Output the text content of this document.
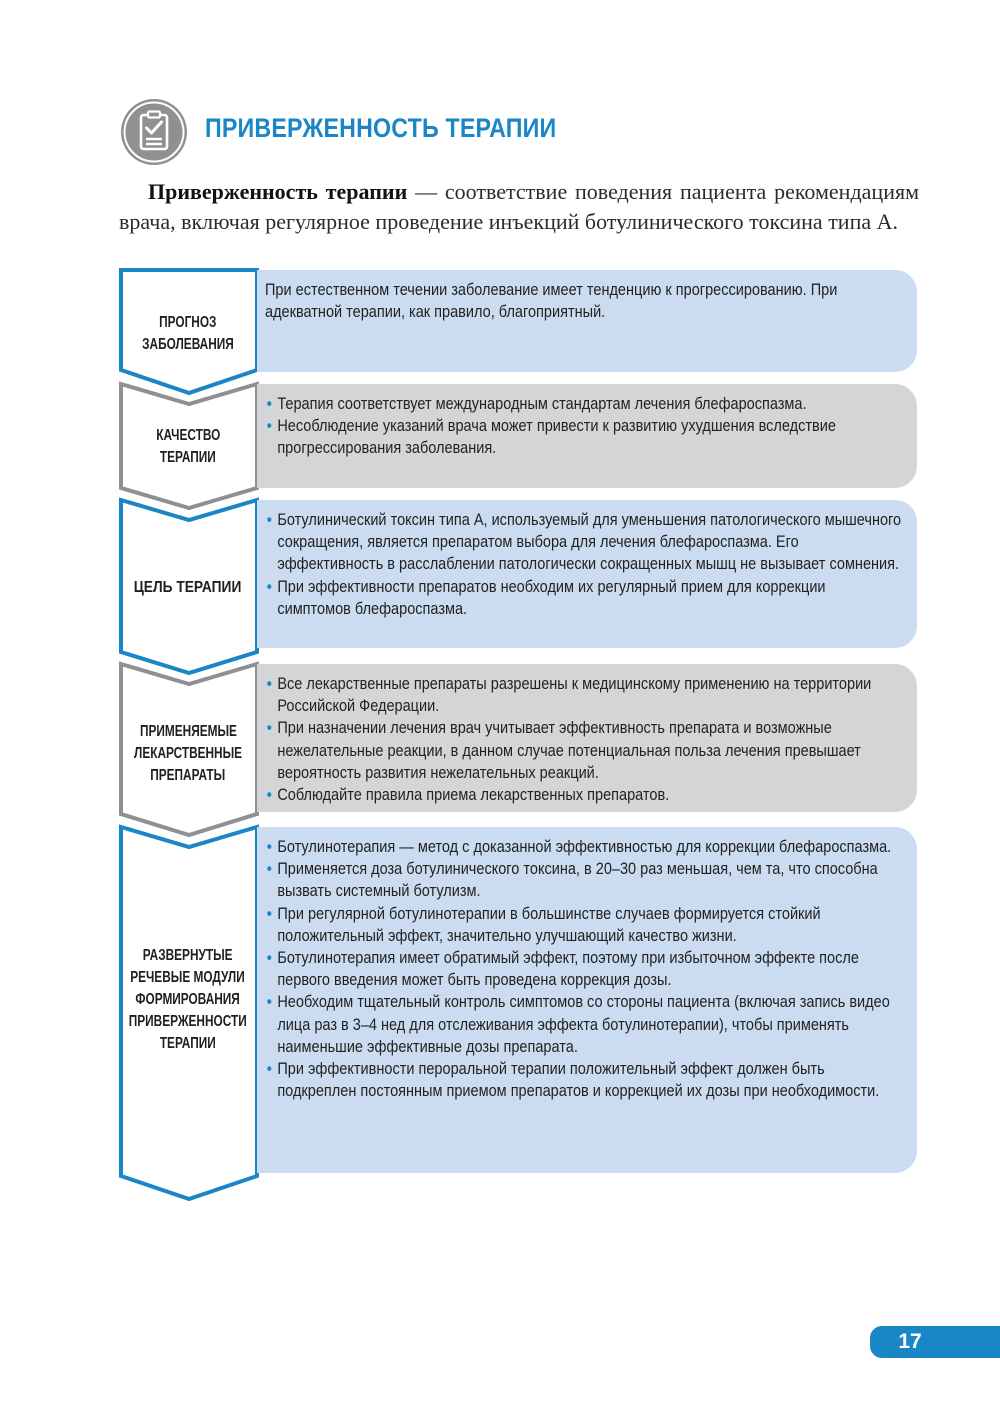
ПРИВЕРЖЕННОСТЬ ТЕРАПИИ

Приверженность терапии — соответствие поведения пациента рекомендациям врача, включая регулярное проведение инъекций ботулинического токсина типа А.

ПРОГНОЗ
ЗАБОЛЕВАНИЯ

При естественном течении заболевание имеет тенденцию к прогрессированию. При адекватной терапии, как правило, благоприятный.

КАЧЕСТВО
ТЕРАПИИ
• Терапия соответствует международным стандартам лечения блефароспазма.
• Несоблюдение указаний врача может привести к развитию ухудшения вследствие прогрессирования заболевания.
ЦЕЛЬ ТЕРАПИИ
• Ботулинический токсин типа А, используемый для уменьшения патологического мышечного сокращения, является препаратом выбора для лечения блефароспазма. Его эффективность в расслаблении патологически сокращенных мышц не вызывает сомнения.
• При эффективности препаратов необходим их регулярный прием для коррекции симптомов блефароспазма.
ПРИМЕНЯЕМЫЕ
ЛЕКАРСТВЕННЫЕ
ПРЕПАРАТЫ
• Все лекарственные препараты разрешены к медицинскому применению на территории Российской Федерации.
• При назначении лечения врач учитывает эффективность препарата и возможные нежелательные реакции, в данном случае потенциальная польза лечения превышает вероятность развития нежелательных реакций.
• Соблюдайте правила приема лекарственных препаратов.
РАЗВЕРНУТЫЕ
РЕЧЕВЫЕ МОДУЛИ
ФОРМИРОВАНИЯ
ПРИВЕРЖЕННОСТИ
ТЕРАПИИ
• Ботулинотерапия — метод с доказанной эффективностью для коррекции блефароспазма.
• Применяется доза ботулинического токсина, в 20–30 раз меньшая, чем та, что способна вызвать системный ботулизм.
• При регулярной ботулинотерапии в большинстве случаев формируется стойкий положительный эффект, значительно улучшающий качество жизни.
• Ботулинотерапия имеет обратимый эффект, поэтому при избыточном эффекте после первого введения может быть проведена коррекция дозы.
• Необходим тщательный контроль симптомов со стороны пациента (включая запись видео лица раз в 3–4 нед для отслеживания эффекта ботулинотерапии), чтобы применять наименьшие эффективные дозы препарата.
• При эффективности пероральной терапии положительный эффект должен быть подкреплен постоянным приемом препаратов и коррекцией их дозы при необходимости.
17
